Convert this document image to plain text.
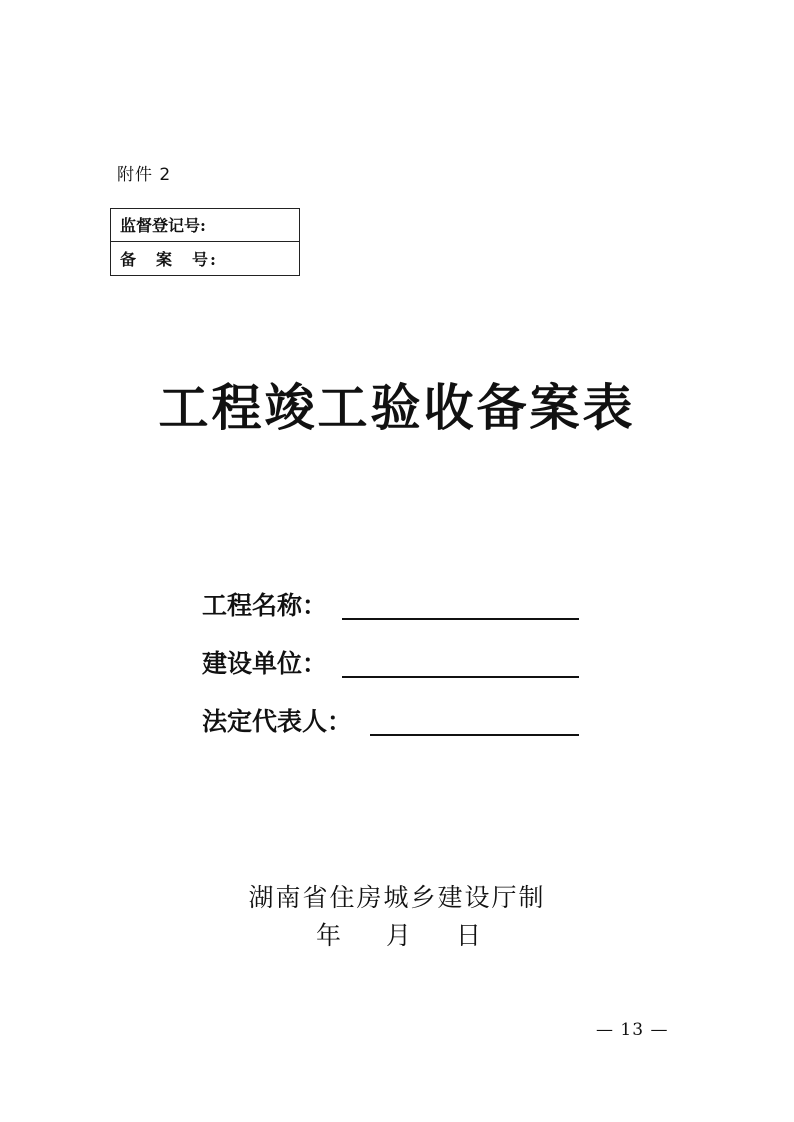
附件 2
监督登记号:
备　案　号:
工程竣工验收备案表
工程名称：
建设单位：
法定代表人：
湖南省住房城乡建设厅制
年 月 日
— 13 —
